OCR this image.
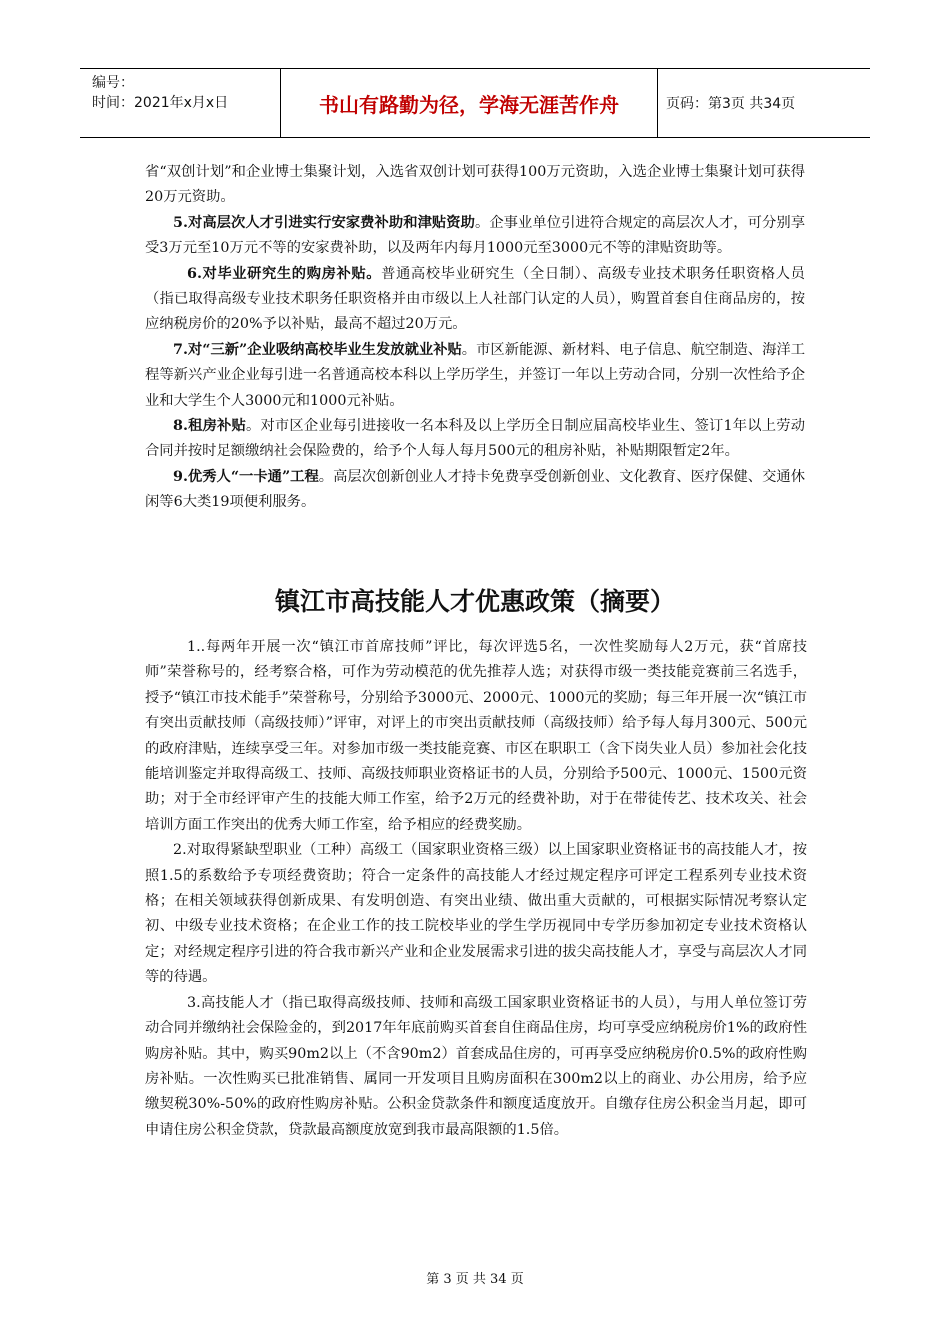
编号：
时间：2021年x月x日	书山有路勤为径，学海无涯苦作舟	页码：第3页 共34页

省“双创计划”和企业博士集聚计划，入选省双创计划可获得100万元资助，入选企业博士集聚计划可获得20万元资助。

5.对高层次人才引进实行安家费补助和津贴资助。企事业单位引进符合规定的高层次人才，可分别享受3万元至10万元不等的安家费补助，以及两年内每月1000元至3000元不等的津贴资助等。

6.对毕业研究生的购房补贴。普通高校毕业研究生（全日制）、高级专业技术职务任职资格人员（指已取得高级专业技术职务任职资格并由市级以上人社部门认定的人员），购置首套自住商品房的，按应纳税房价的20%予以补贴，最高不超过20万元。

7.对“三新”企业吸纳高校毕业生发放就业补贴。市区新能源、新材料、电子信息、航空制造、海洋工程等新兴产业企业每引进一名普通高校本科以上学历学生，并签订一年以上劳动合同，分别一次性给予企业和大学生个人3000元和1000元补贴。

8.租房补贴。对市区企业每引进接收一名本科及以上学历全日制应届高校毕业生、签订1年以上劳动合同并按时足额缴纳社会保险费的，给予个人每人每月500元的租房补贴，补贴期限暂定2年。

9.优秀人“一卡通”工程。高层次创新创业人才持卡免费享受创新创业、文化教育、医疗保健、交通休闲等6大类19项便利服务。

镇江市高技能人才优惠政策（摘要）

1..每两年开展一次“镇江市首席技师”评比，每次评选5名，一次性奖励每人2万元，获“首席技师”荣誉称号的，经考察合格，可作为劳动模范的优先推荐人选；对获得市级一类技能竞赛前三名选手，授予“镇江市技术能手”荣誉称号，分别给予3000元、2000元、1000元的奖励；每三年开展一次“镇江市有突出贡献技师（高级技师）”评审，对评上的市突出贡献技师（高级技师）给予每人每月300元、500元的政府津贴，连续享受三年。对参加市级一类技能竞赛、市区在职职工（含下岗失业人员）参加社会化技能培训鉴定并取得高级工、技师、高级技师职业资格证书的人员，分别给予500元、1000元、1500元资助；对于全市经评审产生的技能大师工作室，给予2万元的经费补助，对于在带徒传艺、技术攻关、社会培训方面工作突出的优秀大师工作室，给予相应的经费奖励。

2.对取得紧缺型职业（工种）高级工（国家职业资格三级）以上国家职业资格证书的高技能人才，按照1.5的系数给予专项经费资助；符合一定条件的高技能人才经过规定程序可评定工程系列专业技术资格；在相关领域获得创新成果、有发明创造、有突出业绩、做出重大贡献的，可根据实际情况考察认定初、中级专业技术资格；在企业工作的技工院校毕业的学生学历视同中专学历参加初定专业技术资格认定；对经规定程序引进的符合我市新兴产业和企业发展需求引进的拔尖高技能人才，享受与高层次人才同等的待遇。

3.高技能人才（指已取得高级技师、技师和高级工国家职业资格证书的人员），与用人单位签订劳动合同并缴纳社会保险金的，到2017年年底前购买首套自住商品住房，均可享受应纳税房价1%的政府性购房补贴。其中，购买90m2以上（不含90m2）首套成品住房的，可再享受应纳税房价0.5%的政府性购房补贴。一次性购买已批准销售、属同一开发项目且购房面积在300m2以上的商业、办公用房，给予应缴契税30%-50%的政府性购房补贴。公积金贷款条件和额度适度放开。自缴存住房公积金当月起，即可申请住房公积金贷款，贷款最高额度放宽到我市最高限额的1.5倍。

第 3 页 共 34 页
